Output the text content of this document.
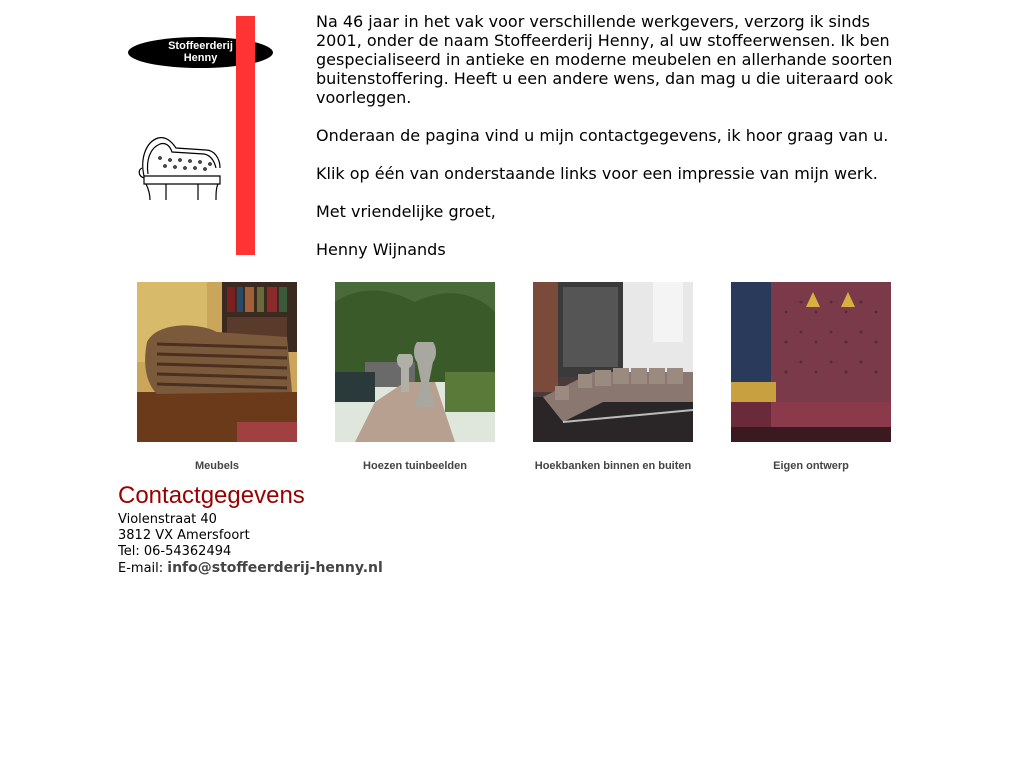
Stoffeerderij
Henny

Na 46 jaar in het vak voor verschillende werkgevers, verzorg ik sinds 2001, onder de naam Stoffeerderij Henny, al uw stoffeerwensen. Ik ben gespecialiseerd in antieke en moderne meubelen en allerhande soorten buitenstoffering. Heeft u een andere wens, dan mag u die uiteraard ook voorleggen.

Onderaan de pagina vind u mijn contactgegevens, ik hoor graag van u.

Klik op één van onderstaande links voor een impressie van mijn werk.

Met vriendelijke groet,

Henny Wijnands

Meubels	Hoezen tuinbeelden	Hoekbanken binnen en buiten	Eigen ontwerp
Contactgegevens
Violenstraat 40
3812 VX Amersfoort
Tel: 06-54362494
E-mail: info@stoffeerderij-henny.nl
